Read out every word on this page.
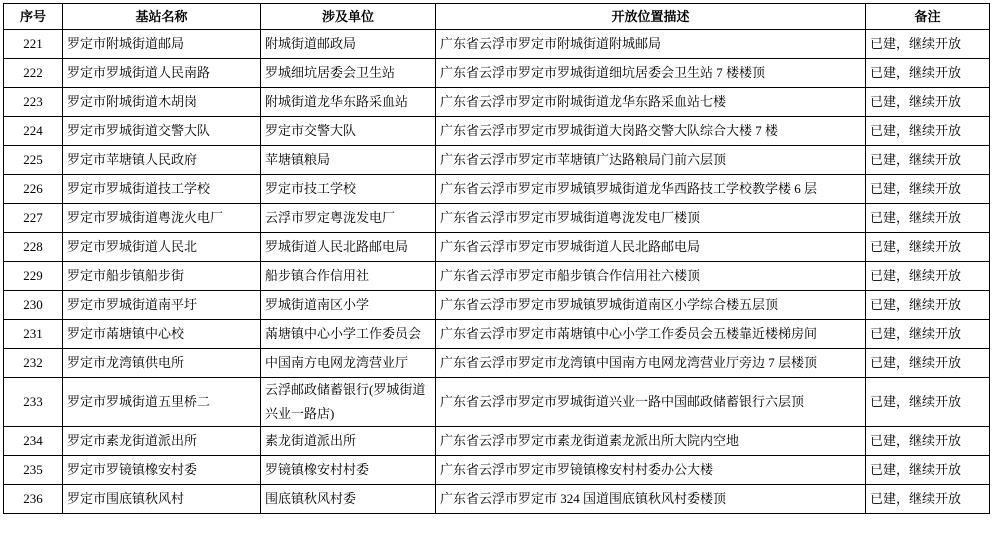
序号	基站名称	涉及单位	开放位置描述	备注
221	罗定市附城街道邮局	附城街道邮政局	广东省云浮市罗定市附城街道附城邮局	已建，继续开放
222	罗定市罗城街道人民南路	罗城细坑居委会卫生站	广东省云浮市罗定市罗城街道细坑居委会卫生站 7 楼楼顶	已建，继续开放
223	罗定市附城街道木胡岗	附城街道龙华东路采血站	广东省云浮市罗定市附城街道龙华东路采血站七楼	已建，继续开放
224	罗定市罗城街道交警大队	罗定市交警大队	广东省云浮市罗定市罗城街道大岗路交警大队综合大楼 7 楼	已建，继续开放
225	罗定市苹塘镇人民政府	苹塘镇粮局	广东省云浮市罗定市苹塘镇广达路粮局门前六层顶	已建，继续开放
226	罗定市罗城街道技工学校	罗定市技工学校	广东省云浮市罗定市罗城镇罗城街道龙华西路技工学校教学楼 6 层	已建，继续开放
227	罗定市罗城街道粤泷火电厂	云浮市罗定粤泷发电厂	广东省云浮市罗定市罗城街道粤泷发电厂楼顶	已建，继续开放
228	罗定市罗城街道人民北	罗城街道人民北路邮电局	广东省云浮市罗定市罗城街道人民北路邮电局	已建，继续开放
229	罗定市船步镇船步街	船步镇合作信用社	广东省云浮市罗定市船步镇合作信用社六楼顶	已建，继续开放
230	罗定市罗城街道南平圩	罗城街道南区小学	广东省云浮市罗定市罗城镇罗城街道南区小学综合楼五层顶	已建，继续开放
231	罗定市㒼塘镇中心校	㒼塘镇中心小学工作委员会	广东省云浮市罗定市㒼塘镇中心小学工作委员会五楼靠近楼梯房间	已建，继续开放
232	罗定市龙湾镇供电所	中国南方电网龙湾营业厅	广东省云浮市罗定市龙湾镇中国南方电网龙湾营业厅旁边 7 层楼顶	已建，继续开放
233	罗定市罗城街道五里桥二	云浮邮政储蓄银行(罗城街道兴业一路店)	广东省云浮市罗定市罗城街道兴业一路中国邮政储蓄银行六层顶	已建，继续开放
234	罗定市素龙街道派出所	素龙街道派出所	广东省云浮市罗定市素龙街道素龙派出所大院内空地	已建，继续开放
235	罗定市罗镜镇橡安村委	罗镜镇橡安村村委	广东省云浮市罗定市罗镜镇橡安村村委办公大楼	已建，继续开放
236	罗定市围底镇秋风村	围底镇秋风村委	广东省云浮市罗定市 324 国道围底镇秋风村委楼顶	已建，继续开放
